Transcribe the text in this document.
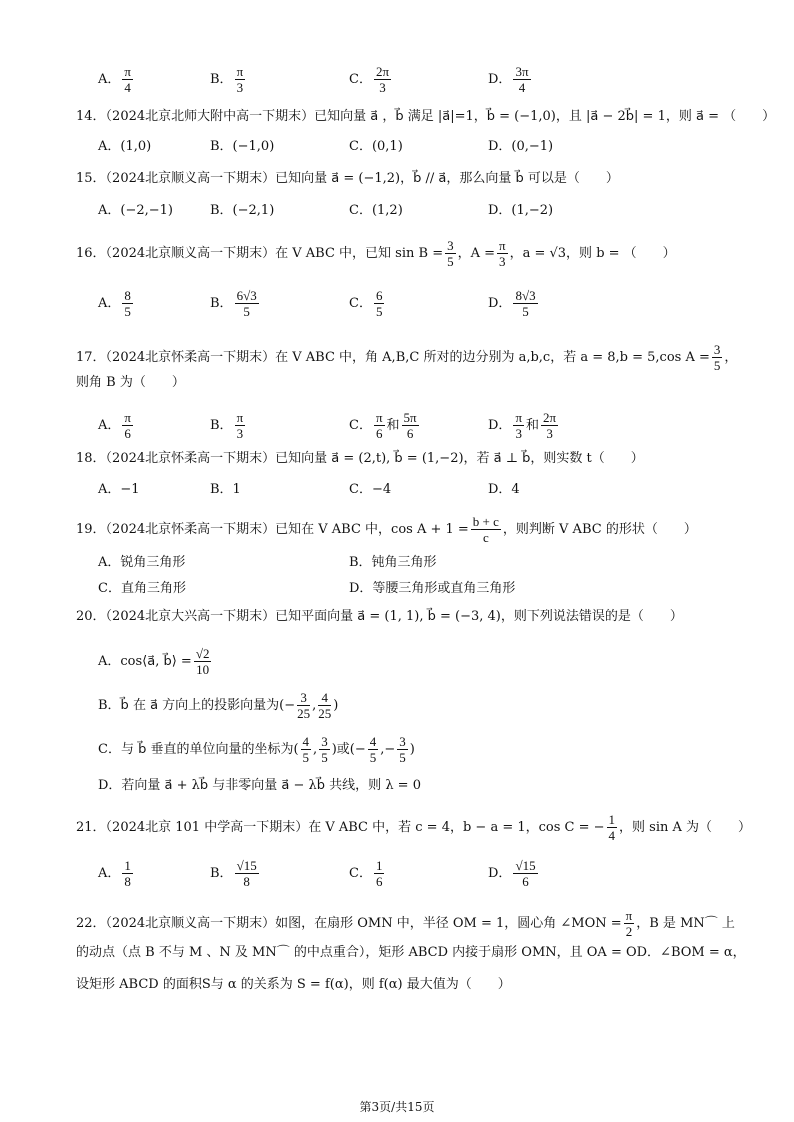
A． $\frac{\pi}{4}$	B． $\frac{\pi}{3}$	C． $\frac{2\pi}{3}$	D． $\frac{3\pi}{4}$
14．（2024北京北师大附中高一下期末）已知向量 a⃗ ，b⃗ 满足 |a⃗|=1，b⃗ = (−1,0)，且 |a⃗ − 2b⃗| = 1，则 a⃗ = （　　）
A．(1,0)	B．(−1,0)	C．(0,1)	D．(0,−1)
15．（2024北京顺义高一下期末）已知向量 a⃗ = (−1,2)，b⃗ // a⃗，那么向量 b⃗ 可以是（　　）
A．(−2,−1)	B．(−2,1)	C．(1,2)	D．(1,−2)
16．（2024北京顺义高一下期末）在 V ABC 中，已知 $\sin B = \frac{3}{5}$ ，$A = \frac{\pi}{3}$ ，a = √3，则 b = （　　）
A． $\frac{8}{5}$	B． $\frac{6√3}{5}$	C． $\frac{6}{5}$	D． $\frac{8√3}{5}$
17．（2024北京怀柔高一下期末）在 V ABC 中，角 A,B,C 所对的边分别为 a,b,c，若 a = 8,b = 5,cos $A = \frac{3}{5}$ ，
则角 B 为（　　）
A． $\frac{\pi}{6}$	B． $\frac{\pi}{3}$	C． $\frac{\pi}{6}$ 和 $\frac{5\pi}{6}$	D． $\frac{\pi}{3}$ 和 $\frac{2\pi}{3}$
18．（2024北京怀柔高一下期末）已知向量 a⃗ = (2,t), b⃗ = (1,−2)，若 a⃗ ⊥ b⃗，则实数 t（　　）
A．−1	B．1	C．−4	D．4
19．（2024北京怀柔高一下期末）已知在 V ABC 中，$\cos A + 1 = \frac{b + c}{c}$ ，则判断 V ABC 的形状（　　）
A．锐角三角形	B．钝角三角形
C．直角三角形	D．等腰三角形或直角三角形
20．（2024北京大兴高一下期末）已知平面向量 a⃗ = (1, 1), b⃗ = (−3, 4)，则下列说法错误的是（　　）
A．cos⟨a⃗, b⃗⟩ = $\frac{√2}{10}$
B．b⃗ 在 a⃗ 方向上的投影向量为(− $\frac{3}{25}$ , $\frac{4}{25}$ )
C．与 b⃗ 垂直的单位向量的坐标为( $\frac{4}{5}$ , $\frac{3}{5}$ )或(− $\frac{4}{5}$ ,− $\frac{3}{5}$ )
D．若向量 a⃗ + λb⃗ 与非零向量 a⃗ − λb⃗ 共线，则 λ = 0
21．（2024北京 101 中学高一下期末）在 V ABC 中，若 c = 4，b − a = 1，cos C = − $\frac{1}{4}$ ，则 sin A 为（　　）
A． $\frac{1}{8}$	B． $\frac{√15}{8}$	C． $\frac{1}{6}$	D． $\frac{√15}{6}$
22．（2024北京顺义高一下期末）如图，在扇形 OMN 中，半径 OM = 1，圆心角 ∠MON = $\frac{\pi}{2}$ ，B 是 MN⌒ 上
的动点（点 B 不与 M 、N 及 MN⌒ 的中点重合），矩形 ABCD 内接于扇形 OMN，且 OA = OD．∠BOM = α，
设矩形 ABCD 的面积S与 α 的关系为 S = f(α)，则 f(α) 最大值为（　　）
第3页/共15页
